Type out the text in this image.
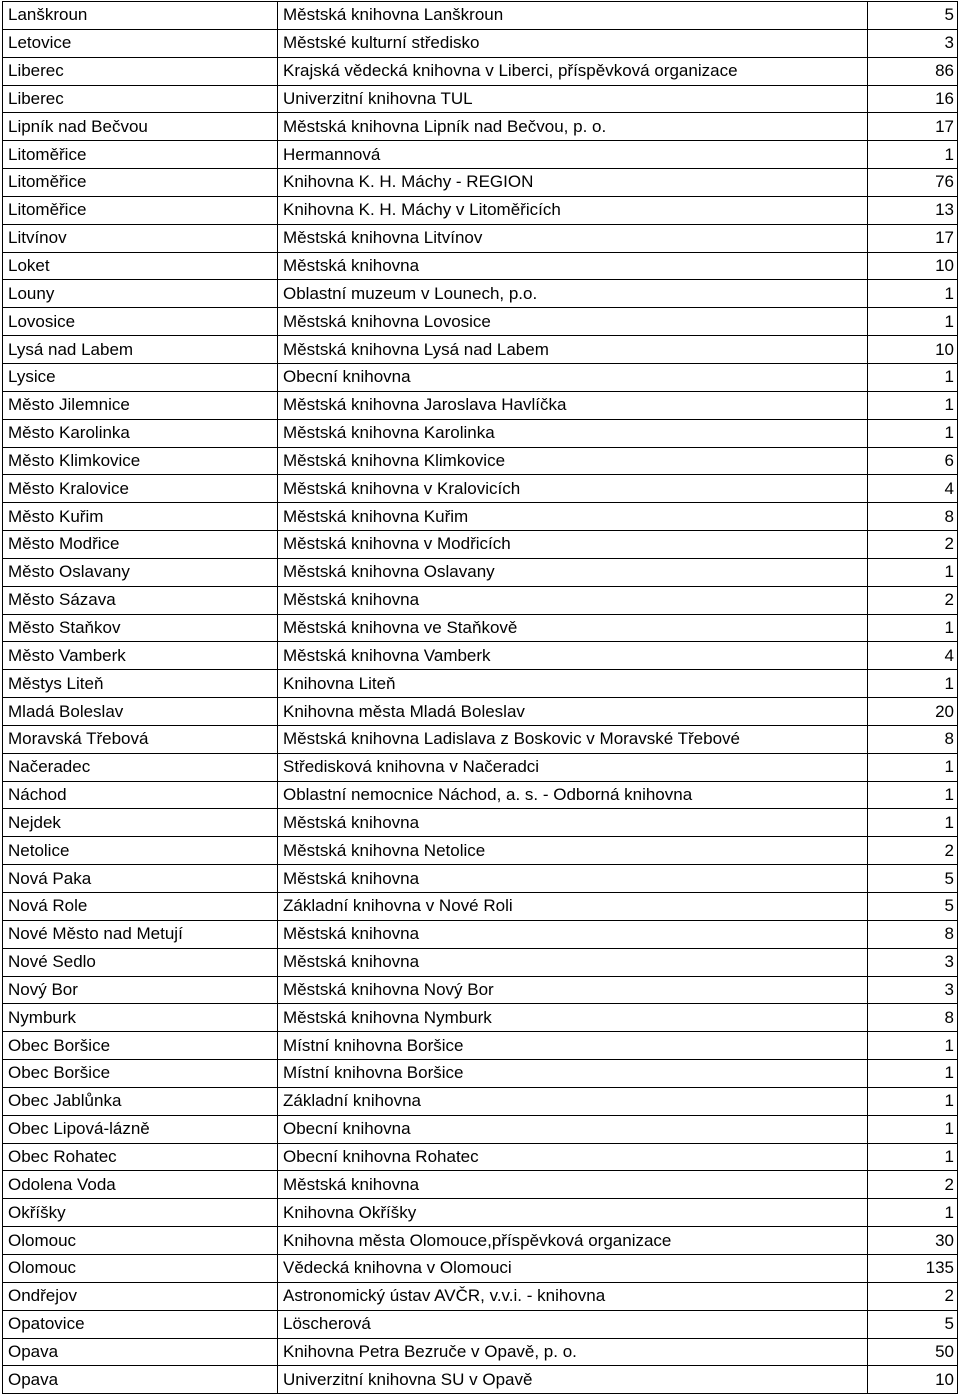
Lanškroun	Městská knihovna Lanškroun	5
Letovice	Městské kulturní středisko	3
Liberec	Krajská vědecká knihovna v Liberci, příspěvková organizace	86
Liberec	Univerzitní knihovna TUL	16
Lipník nad Bečvou	Městská knihovna Lipník nad Bečvou, p. o.	17
Litoměřice	Hermannová	1
Litoměřice	Knihovna K. H. Máchy - REGION	76
Litoměřice	Knihovna K. H. Máchy v Litoměřicích	13
Litvínov	Městská knihovna Litvínov	17
Loket	Městská knihovna	10
Louny	Oblastní muzeum v Lounech, p.o.	1
Lovosice	Městská knihovna Lovosice	1
Lysá nad Labem	Městská knihovna Lysá nad Labem	10
Lysice	Obecní knihovna	1
Město Jilemnice	Městská knihovna Jaroslava Havlíčka	1
Město Karolinka	Městská knihovna Karolinka	1
Město Klimkovice	Městská knihovna Klimkovice	6
Město Kralovice	Městská knihovna v Kralovicích	4
Město Kuřim	Městská knihovna Kuřim	8
Město Modřice	Městská knihovna v Modřicích	2
Město Oslavany	Městská knihovna Oslavany	1
Město Sázava	Městská knihovna	2
Město Staňkov	Městská knihovna ve Staňkově	1
Město Vamberk	Městská knihovna Vamberk	4
Městys Liteň	Knihovna Liteň	1
Mladá Boleslav	Knihovna města Mladá Boleslav	20
Moravská Třebová	Městská knihovna Ladislava z Boskovic v Moravské Třebové	8
Načeradec	Středisková knihovna v Načeradci	1
Náchod	Oblastní nemocnice Náchod, a. s. - Odborná knihovna	1
Nejdek	Městská knihovna	1
Netolice	Městská knihovna Netolice	2
Nová Paka	Městská knihovna	5
Nová Role	Základní knihovna v Nové Roli	5
Nové Město nad Metují	Městská knihovna	8
Nové Sedlo	Městská knihovna	3
Nový Bor	Městská knihovna Nový Bor	3
Nymburk	Městská knihovna Nymburk	8
Obec Boršice	Místní knihovna Boršice	1
Obec Boršice	Místní knihovna Boršice	1
Obec Jablůnka	Základní knihovna	1
Obec Lipová-lázně	Obecní knihovna	1
Obec Rohatec	Obecní knihovna Rohatec	1
Odolena Voda	Městská knihovna	2
Okříšky	Knihovna Okříšky	1
Olomouc	Knihovna města Olomouce,příspěvková organizace	30
Olomouc	Vědecká knihovna v Olomouci	135
Ondřejov	Astronomický ústav AVČR, v.v.i. - knihovna	2
Opatovice	Löscherová	5
Opava	Knihovna Petra Bezruče v Opavě, p. o.	50
Opava	Univerzitní knihovna SU v Opavě	10
